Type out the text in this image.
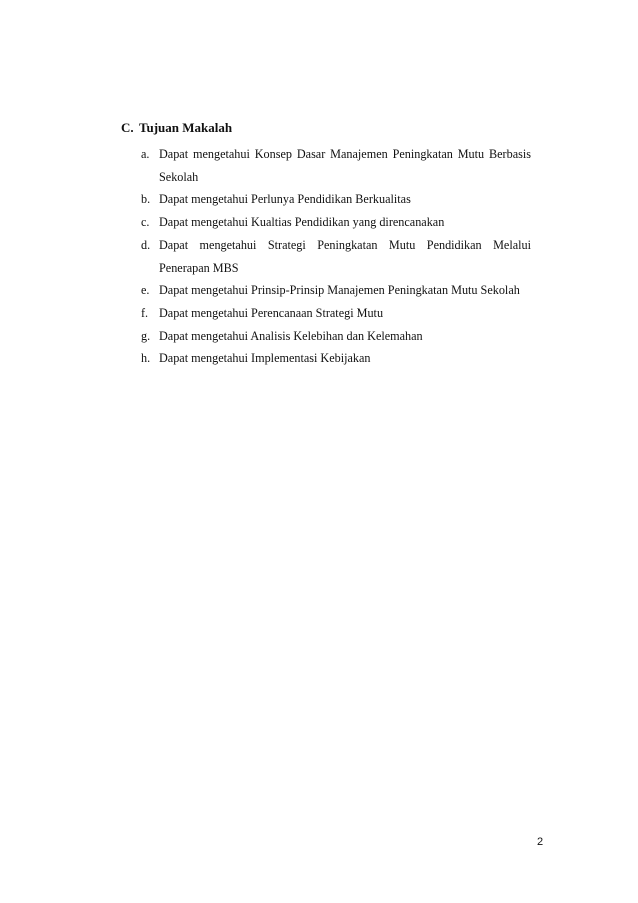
C. Tujuan Makalah
a. Dapat mengetahui Konsep Dasar Manajemen Peningkatan Mutu Berbasis Sekolah
b. Dapat mengetahui Perlunya Pendidikan Berkualitas
c. Dapat mengetahui Kualtias Pendidikan yang direncanakan
d. Dapat mengetahui Strategi Peningkatan Mutu Pendidikan Melalui Penerapan MBS
e. Dapat mengetahui Prinsip-Prinsip Manajemen Peningkatan Mutu Sekolah
f. Dapat mengetahui Perencanaan Strategi Mutu
g. Dapat mengetahui Analisis Kelebihan dan Kelemahan
h. Dapat mengetahui Implementasi Kebijakan
2
